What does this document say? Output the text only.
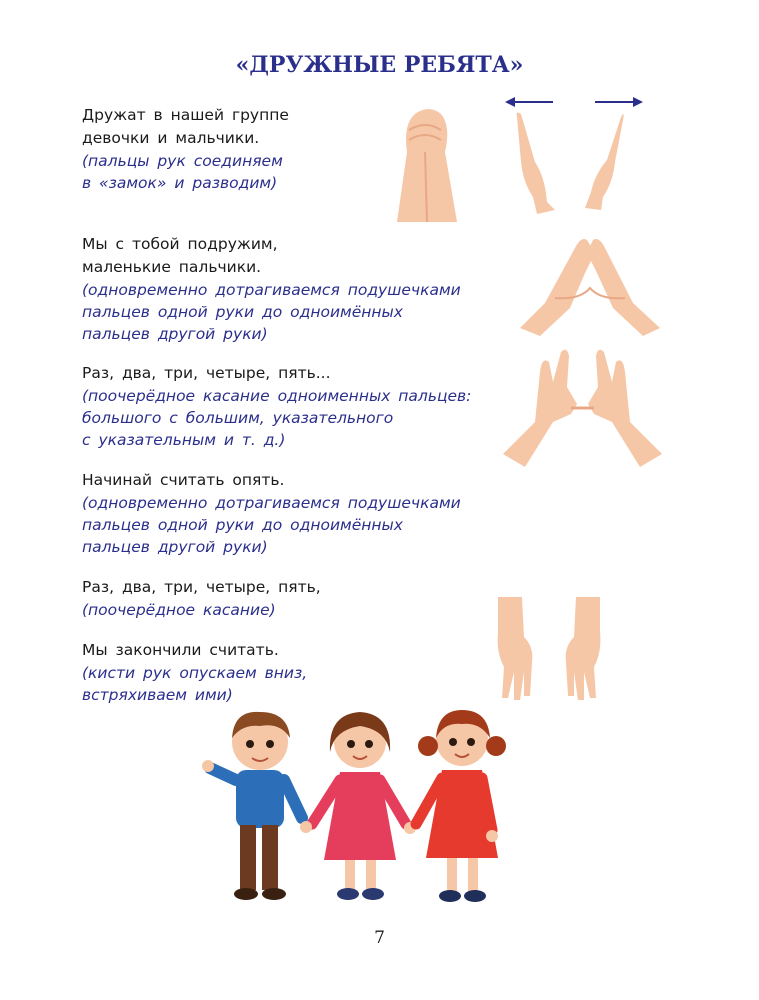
«ДРУЖНЫЕ РЕБЯТА»
Дружат в нашей группе
девочки и мальчики.
(пальцы рук соединяем
в «замок» и разводим)
Мы с тобой подружим,
маленькие пальчики.
(одновременно дотрагиваемся подушечками
пальцев одной руки до одноимённых
пальцев другой руки)
Раз, два, три, четыре, пять...
(поочерёдное касание одноименных пальцев:
большого с большим, указательного
с указательным и т. д.)
Начинай считать опять.
(одновременно дотрагиваемся подушечками
пальцев одной руки до одноимённых
пальцев другой руки)
Раз, два, три, четыре, пять,
(поочерёдное касание)
Мы закончили считать.
(кисти рук опускаем вниз,
встряхиваем ими)
7
